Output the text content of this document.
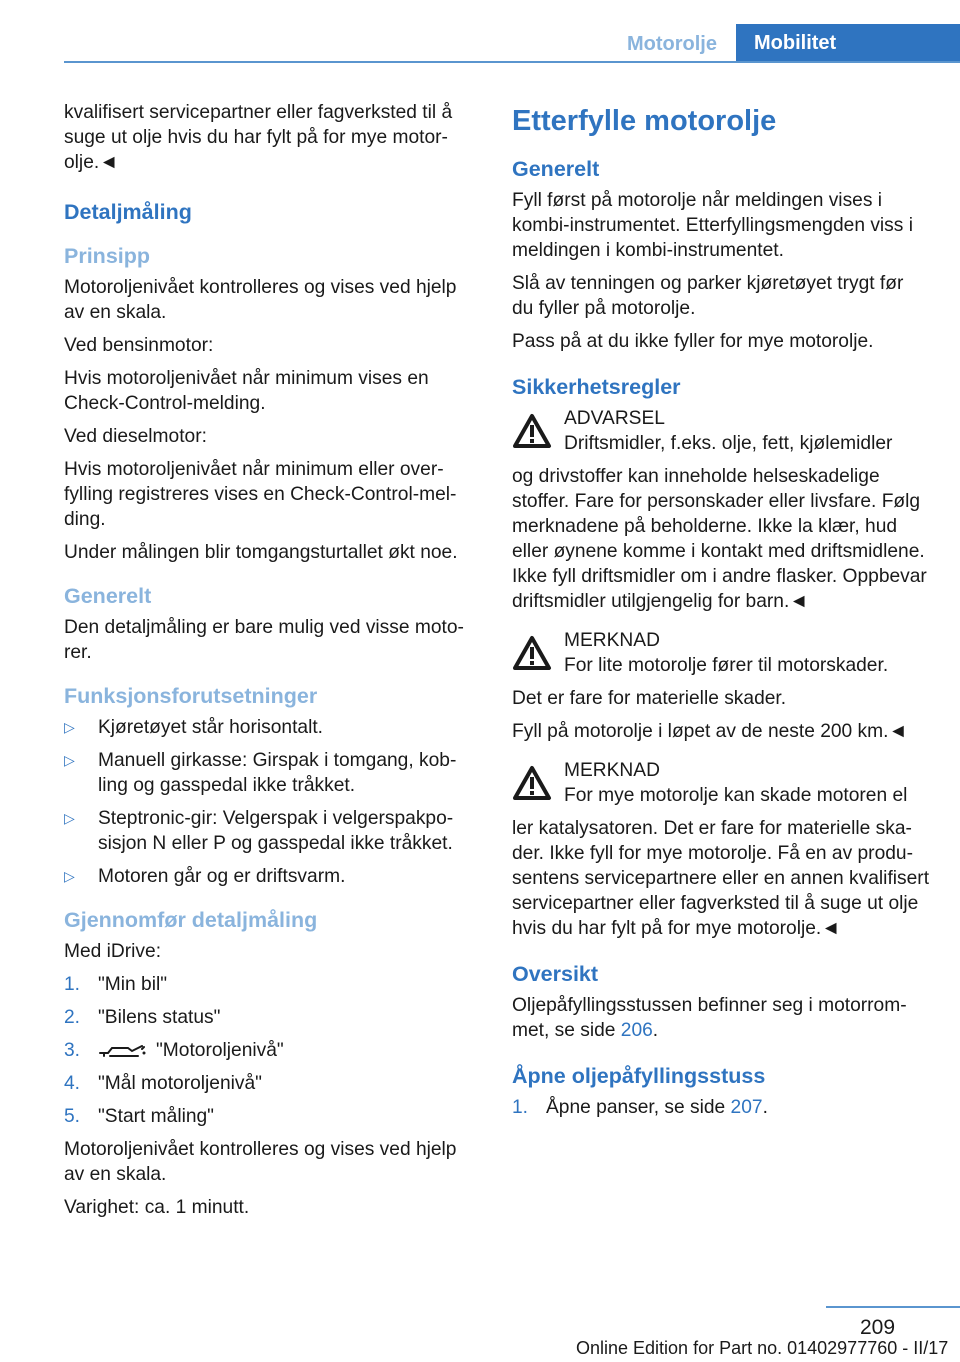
Motorolje	Mobilitet

kvalifisert servicepartner eller fagverksted til å suge ut olje hvis du har fylt på for mye motorolje.◄

Detaljmåling
Prinsipp

Motoroljenivået kontrolleres og vises ved hjelp av en skala.

Ved bensinmotor:

Hvis motoroljenivået når minimum vises en Check-Control-melding.

Ved dieselmotor:

Hvis motoroljenivået når minimum eller overfylling registreres vises en Check-Control-melding.

Under målingen blir tomgangsturtallet økt noe.

Generelt

Den detaljmåling er bare mulig ved visse motorer.

Funksjonsforutsetninger
▷ Kjøretøyet står horisontalt.
▷ Manuell girkasse: Girspak i tomgang, kobling og gasspedal ikke tråkket.
▷ Steptronic-gir: Velgerspak i velgerspakposisjon N eller P og gasspedal ikke tråkket.
▷ Motoren går og er driftsvarm.
Gjennomfør detaljmåling

Med iDrive:

1. "Min bil"
2. "Bilens status"
3.	"Motoroljenivå"
4. "Mål motoroljenivå"
5. "Start måling"

Motoroljenivået kontrolleres og vises ved hjelp av en skala.

Varighet: ca. 1 minutt.

Etterfylle motorolje
Generelt

Fyll først på motorolje når meldingen vises i kombi-instrumentet. Etterfyllingsmengden viss i meldingen i kombi-instrumentet.

Slå av tenningen og parker kjøretøyet trygt før du fyller på motorolje.

Pass på at du ikke fyller for mye motorolje.

Sikkerhetsregler
ADVARSEL
Driftsmidler, f.eks. olje, fett, kjølemidler

og drivstoffer kan inneholde helseskadelige stoffer. Fare for personskader eller livsfare. Følg merknadene på beholderne. Ikke la klær, hud eller øynene komme i kontakt med driftsmidlene. Ikke fyll driftsmidler om i andre flasker. Oppbevar driftsmidler utilgjengelig for barn.◄

MERKNAD
For lite motorolje fører til motorskader.

Det er fare for materielle skader.

Fyll på motorolje i løpet av de neste 200 km.◄

MERKNAD
For mye motorolje kan skade motoren el

ler katalysatoren. Det er fare for materielle skader. Ikke fyll for mye motorolje. Få en av produsentens servicepartnere eller en annen kvalifisert servicepartner eller fagverksted til å suge ut olje hvis du har fylt på for mye motorolje.◄

Oversikt

Oljepåfyllingsstussen befinner seg i motorrommet, se side 206.

Åpne oljepåfyllingsstuss
1. Åpne panser, se side 207.
209
Online Edition for Part no. 01402977760 - II/17
